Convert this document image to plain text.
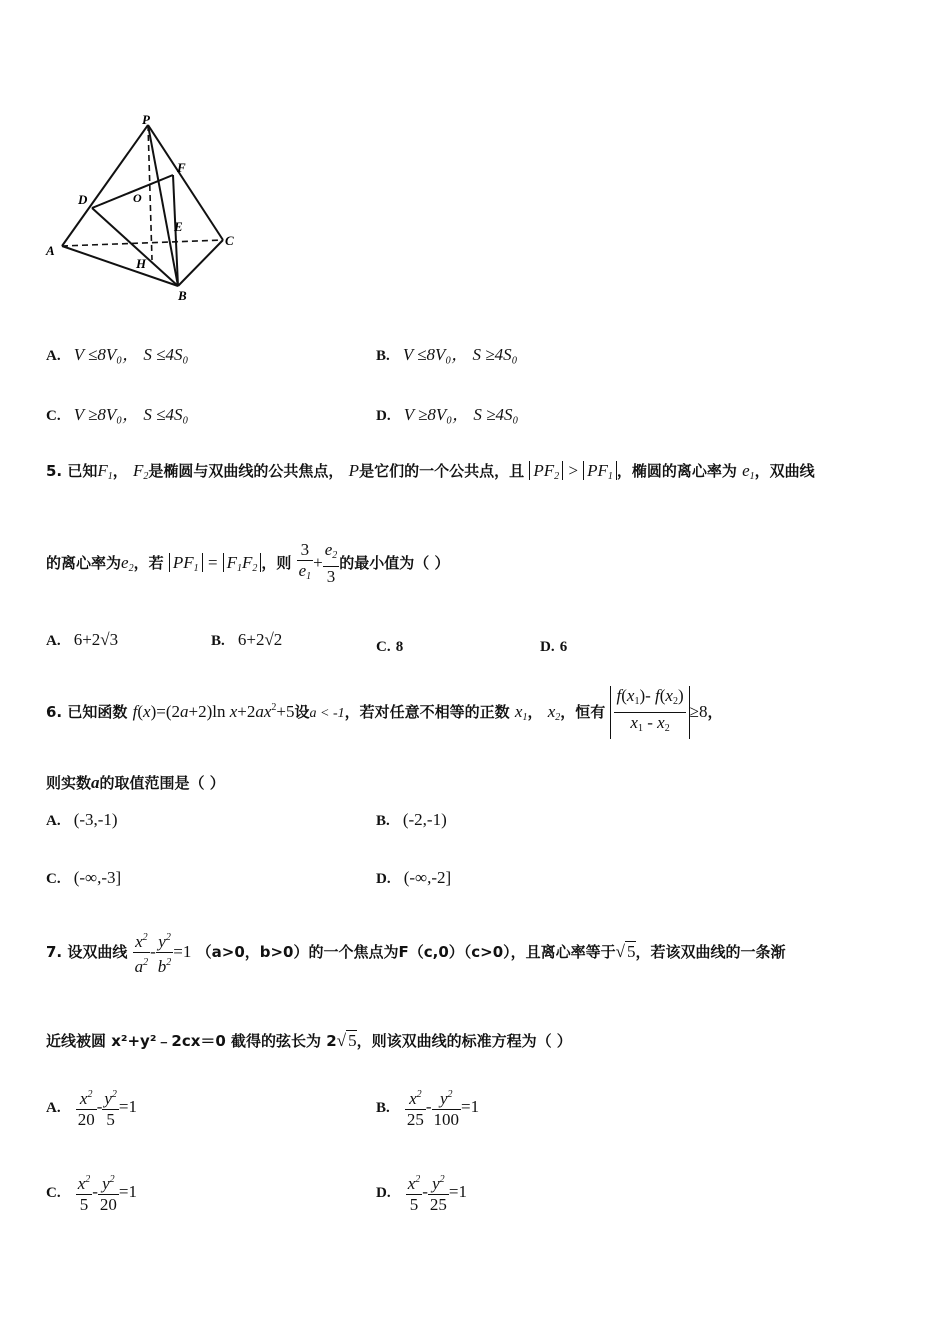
P
F
D	O
E
A
C
H
B
A. V ≤8V₀， S ≤4S₀	B. V ≤8V₀， S ≥4S₀
C. V ≥8V₀， S ≤4S₀	D. V ≥8V₀， S ≥4S₀
5. 已知$F_1$， $F_2$是椭圆与双曲线的公共焦点， P是它们的一个公共点，且 $PF_2 > PF_1$ ，椭圆的离心率为 $e_1$，双曲线
的离心率为$e_2$，若 $PF_1 = F_1F_2$ ，则 $\frac{3}{e_1} + \frac{e_2}{3}$ 的最小值为（ ）
A. 6+2√3	B. 6+2√2	C. 8	D. 6
6. 已知函数 f(x)=(2a+2)ln $x+2ax^2+5$设a < -1，若对任意不相等的正数 $x_1$， $x_2$，恒有 $\frac{f(x_1)- f(x_2)}{x_1 - x_2} \ge 8$，
则实数a的取值范围是（ ）
A. (-3,-1)	B. (-2,-1)
C. (-∞,-3]	D. (-∞,-2]
7. 设双曲线 $\frac{x^2}{a^2} - \frac{y^2}{b^2} =1$ （a>0，b>0）的一个焦点为F（c,0）（c>0），且离心率等于√ 5，若该双曲线的一条渐
近线被圆 x²+y²﹣2cx＝0 截得的弦长为 2√ 5，则该双曲线的标准方程为（ ）
A. $\frac{x^2}{20} - \frac{y^2}{5} =1$	B. $\frac{x^2}{25} - \frac{y^2}{100} =1$
C. $\frac{x^2}{5} - \frac{y^2}{20} =1$	D. $\frac{x^2}{5} - \frac{y^2}{25} =1$
